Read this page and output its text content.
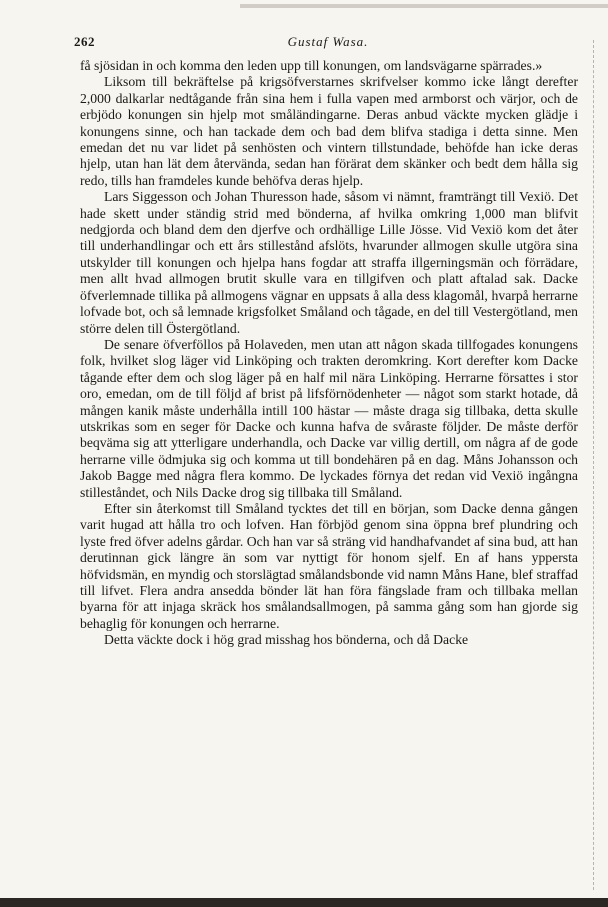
262	Gustaf Wasa.

få sjösidan in och komma den leden upp till konungen, om landsvägarne spärrades.»

Liksom till bekräftelse på krigsöfverstarnes skrifvelser kommo icke långt derefter 2,000 dalkarlar nedtågande från sina hem i fulla vapen med armborst och värjor, och de erbjödo konungen sin hjelp mot småländingarne. Deras anbud väckte mycken glädje i konungens sinne, och han tackade dem och bad dem blifva stadiga i detta sinne. Men emedan det nu var lidet på senhösten och vintern tillstundade, behöfde han icke deras hjelp, utan han lät dem återvända, sedan han förärat dem skänker och bedt dem hålla sig redo, tills han framdeles kunde behöfva deras hjelp.

Lars Siggesson och Johan Thuresson hade, såsom vi nämnt, framträngt till Vexiö. Det hade skett under ständig strid med bönderna, af hvilka omkring 1,000 man blifvit nedgjorda och bland dem den djerfve och ordhällige Lille Jösse. Vid Vexiö kom det åter till underhandlingar och ett års stillestånd afslöts, hvarunder allmogen skulle utgöra sina utskylder till konungen och hjelpa hans fogdar att straffa illgerningsmän och förrädare, men allt hvad allmogen brutit skulle vara en tillgifven och platt aftalad sak. Dacke öfverlemnade tillika på allmogens vägnar en uppsats å alla dess klagomål, hvarpå herrarne lofvade bot, och så lemnade krigsfolket Småland och tågade, en del till Vestergötland, men större delen till Östergötland.

De senare öfverföllos på Holaveden, men utan att någon skada tillfogades konungens folk, hvilket slog läger vid Linköping och trakten deromkring. Kort derefter kom Dacke tågande efter dem och slog läger på en half mil nära Linköping. Herrarne försattes i stor oro, emedan, om de till följd af brist på lifsförnödenheter — något som starkt hotade, då mången kanik måste underhålla intill 100 hästar — måste draga sig tillbaka, detta skulle utskrikas som en seger för Dacke och kunna hafva de svåraste följder. De måste derför beqväma sig att ytterligare underhandla, och Dacke var villig dertill, om några af de gode herrarne ville ödmjuka sig och komma ut till bondehären på en dag. Måns Johansson och Jakob Bagge med några flera kommo. De lyckades förnya det redan vid Vexiö ingångna stilleståndet, och Nils Dacke drog sig tillbaka till Småland.

Efter sin återkomst till Småland tycktes det till en början, som Dacke denna gången varit hugad att hålla tro och lofven. Han förbjöd genom sina öppna bref plundring och lyste fred öfver adelns gårdar. Och han var så sträng vid handhafvandet af sina bud, att han derutinnan gick längre än som var nyttigt för honom sjelf. En af hans yppersta höfvidsmän, en myndig och storslägtad smålandsbonde vid namn Måns Hane, blef straffad till lifvet. Flera andra ansedda bönder lät han föra fängslade fram och tillbaka mellan byarna för att injaga skräck hos smålandsallmogen, på samma gång som han gjorde sig behaglig för konungen och herrarne.

Detta väckte dock i hög grad misshag hos bönderna, och då Dacke
